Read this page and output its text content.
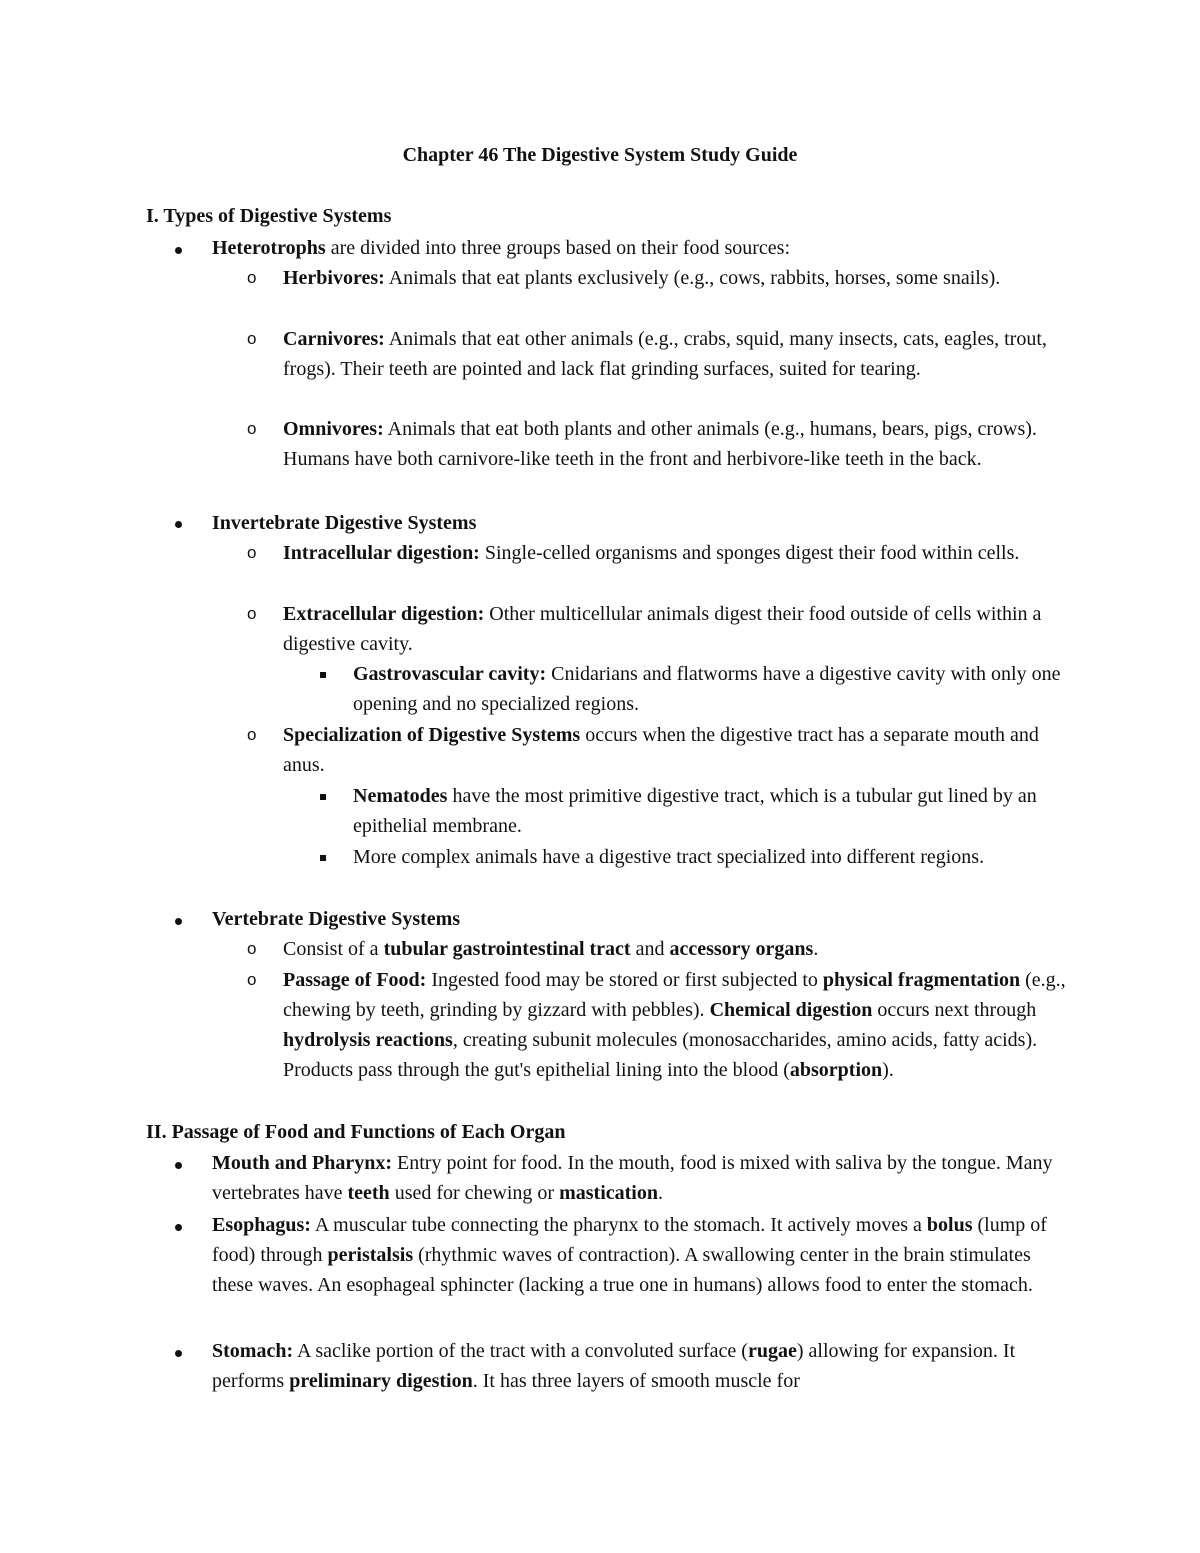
Chapter 46 The Digestive System Study Guide
I. Types of Digestive Systems
Heterotrophs are divided into three groups based on their food sources:
o Herbivores: Animals that eat plants exclusively (e.g., cows, rabbits, horses, some snails).
o Carnivores: Animals that eat other animals (e.g., crabs, squid, many insects, cats, eagles, trout, frogs). Their teeth are pointed and lack flat grinding surfaces, suited for tearing.
o Omnivores: Animals that eat both plants and other animals (e.g., humans, bears, pigs, crows). Humans have both carnivore-like teeth in the front and herbivore-like teeth in the back.
Invertebrate Digestive Systems
o Intracellular digestion: Single-celled organisms and sponges digest their food within cells.
o Extracellular digestion: Other multicellular animals digest their food outside of cells within a digestive cavity.
Gastrovascular cavity: Cnidarians and flatworms have a digestive cavity with only one opening and no specialized regions.
o Specialization of Digestive Systems occurs when the digestive tract has a separate mouth and anus.
Nematodes have the most primitive digestive tract, which is a tubular gut lined by an epithelial membrane.
More complex animals have a digestive tract specialized into different regions.
Vertebrate Digestive Systems
o Consist of a tubular gastrointestinal tract and accessory organs.
o Passage of Food: Ingested food may be stored or first subjected to physical fragmentation (e.g., chewing by teeth, grinding by gizzard with pebbles). Chemical digestion occurs next through hydrolysis reactions, creating subunit molecules (monosaccharides, amino acids, fatty acids). Products pass through the gut's epithelial lining into the blood (absorption).
II. Passage of Food and Functions of Each Organ
Mouth and Pharynx: Entry point for food. In the mouth, food is mixed with saliva by the tongue. Many vertebrates have teeth used for chewing or mastication.
Esophagus: A muscular tube connecting the pharynx to the stomach. It actively moves a bolus (lump of food) through peristalsis (rhythmic waves of contraction). A swallowing center in the brain stimulates these waves. An esophageal sphincter (lacking a true one in humans) allows food to enter the stomach.
Stomach: A saclike portion of the tract with a convoluted surface (rugae) allowing for expansion. It performs preliminary digestion. It has three layers of smooth muscle for
